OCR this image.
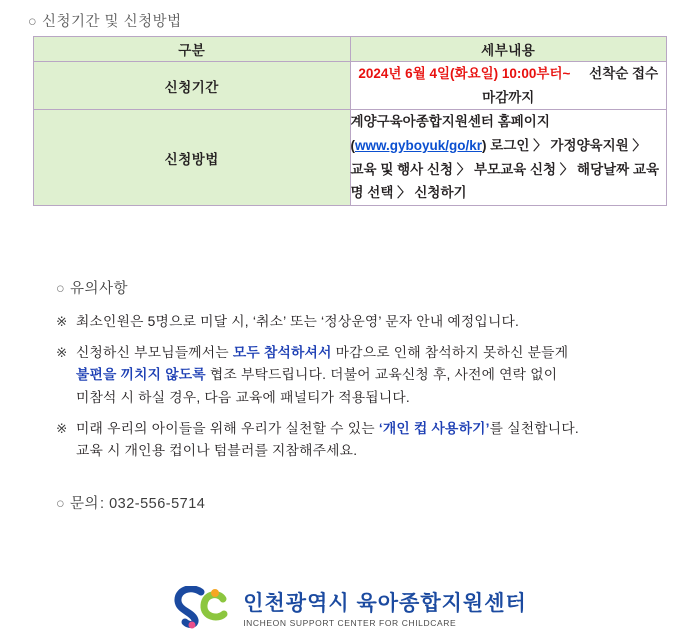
○ 신청기간 및 신청방법
구분	세부내용
신청기간	2024년 6월 4일(화요일) 10:00부터~ 선착순 접수 마감까지
신청방법	계양구육아종합지원센터 홈페이지(www.gyboyuk/go/kr) 로그인 〉 가정양육지원 〉
교육 및 행사 신청 〉 부모교육 신청 〉 해당날짜 교육명 선택 〉 신청하기
○ 유의사항
※ 최소인원은 5명으로 미달 시, ‘취소’ 또는 ‘정상운영’ 문자 안내 예정입니다.
※ 신청하신 부모님들께서는 모두 참석하셔서 마감으로 인해 참석하지 못하신 분들게
불편을 끼치지 않도록 협조 부탁드립니다. 더불어 교육신청 후, 사전에 연락 없이
미참석 시 하실 경우, 다음 교육에 패널티가 적용됩니다.
※ 미래 우리의 아이들을 위해 우리가 실천할 수 있는 ‘개인 컵 사용하기’를 실천합니다.
교육 시 개인용 컵이나 텀블러를 지참해주세요.
○ 문의: 032-556-5714
인천광역시 육아종합지원센터
INCHEON SUPPORT CENTER FOR CHILDCARE
